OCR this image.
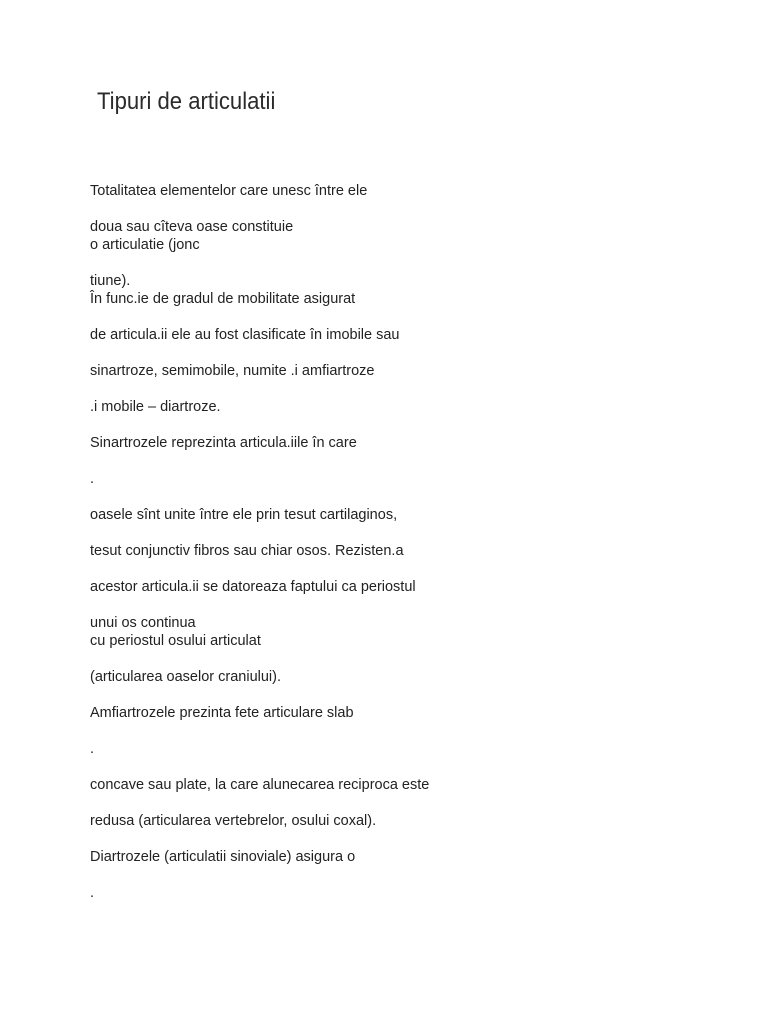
Tipuri de articulatii
Totalitatea elementelor care unesc între ele
doua sau cîteva oase constituie
o articulatie (jonc
tiune).
În func.ie de gradul de mobilitate asigurat
de articula.ii ele au fost clasificate în imobile sau
sinartroze, semimobile, numite .i amfiartroze
.i mobile – diartroze.
Sinartrozele reprezinta articula.iile în care
.
oasele sînt unite între ele prin tesut cartilaginos,
tesut conjunctiv fibros sau chiar osos. Rezisten.a
acestor articula.ii se datoreaza faptului ca periostul
unui os continua
cu periostul osului articulat
(articularea oaselor craniului).
Amfiartrozele prezinta fete articulare slab
.
concave sau plate, la care alunecarea reciproca este
redusa (articularea vertebrelor, osului coxal).
Diartrozele (articulatii sinoviale) asigura o
.
